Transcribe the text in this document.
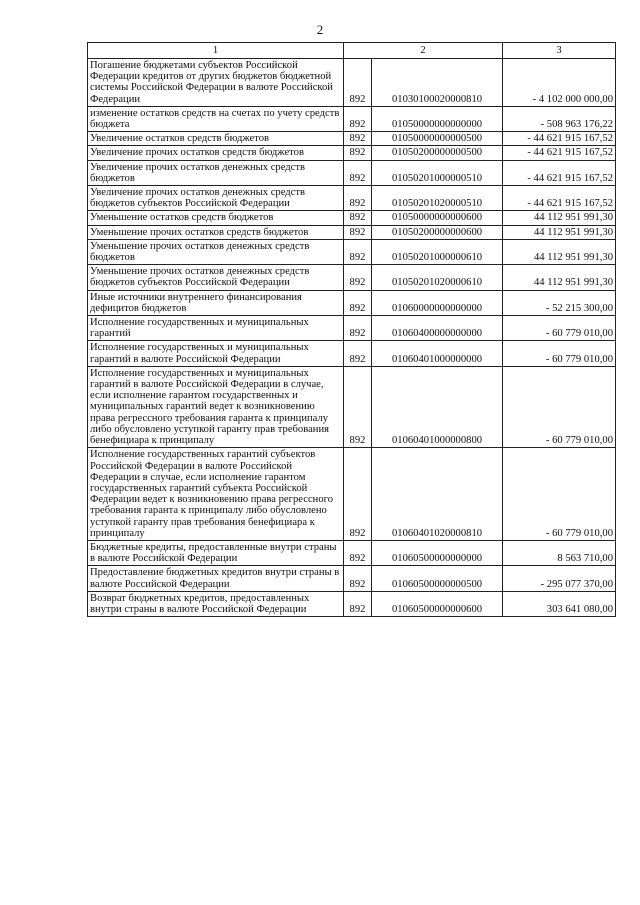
2
1	2		3
Погашение бюджетами субъектов Российской Федерации кредитов от других бюджетов бюджетной системы Российской Федерации в валюте Российской Федерации	892	01030100020000810	- 4 102 000 000,00
изменение остатков средств на счетах по учету средств бюджета	892	01050000000000000	- 508 963 176,22
Увеличение остатков средств бюджетов	892	01050000000000500	- 44 621 915 167,52
Увеличение прочих остатков средств бюджетов	892	01050200000000500	- 44 621 915 167,52
Увеличение прочих остатков денежных средств бюджетов	892	01050201000000510	- 44 621 915 167,52
Увеличение прочих остатков денежных средств бюджетов субъектов Российской Федерации	892	01050201020000510	- 44 621 915 167,52
Уменьшение остатков средств бюджетов	892	01050000000000600	44 112 951 991,30
Уменьшение прочих остатков средств бюджетов	892	01050200000000600	44 112 951 991,30
Уменьшение прочих остатков денежных средств бюджетов	892	01050201000000610	44 112 951 991,30
Уменьшение прочих остатков денежных средств бюджетов субъектов Российской Федерации	892	01050201020000610	44 112 951 991,30
Иные источники внутреннего финансирования дефицитов бюджетов	892	01060000000000000	- 52 215 300,00
Исполнение государственных и муниципальных гарантий	892	01060400000000000	- 60 779 010,00
Исполнение государственных и муниципальных гарантий в валюте Российской Федерации	892	01060401000000000	- 60 779 010,00
Исполнение государственных и муниципальных гарантий в валюте Российской Федерации в случае, если исполнение гарантом государственных и муниципальных гарантий ведет к возникновению права регрессного требования гаранта к принципалу либо обусловлено уступкой гаранту прав требования бенефициара к принципалу	892	01060401000000800	- 60 779 010,00
Исполнение государственных гарантий субъектов Российской Федерации в валюте Российской Федерации в случае, если исполнение гарантом государственных гарантий субъекта Российской Федерации ведет к возникновению права регрессного требования гаранта к принципалу либо обусловлено уступкой гаранту прав требования бенефициара к принципалу	892	01060401020000810	- 60 779 010,00
Бюджетные кредиты, предоставленные внутри страны в валюте Российской Федерации	892	01060500000000000	8 563 710,00
Предоставление бюджетных кредитов внутри страны в валюте Российской Федерации	892	01060500000000500	- 295 077 370,00
Возврат бюджетных кредитов, предоставленных внутри страны в валюте Российской Федерации	892	01060500000000600	303 641 080,00
